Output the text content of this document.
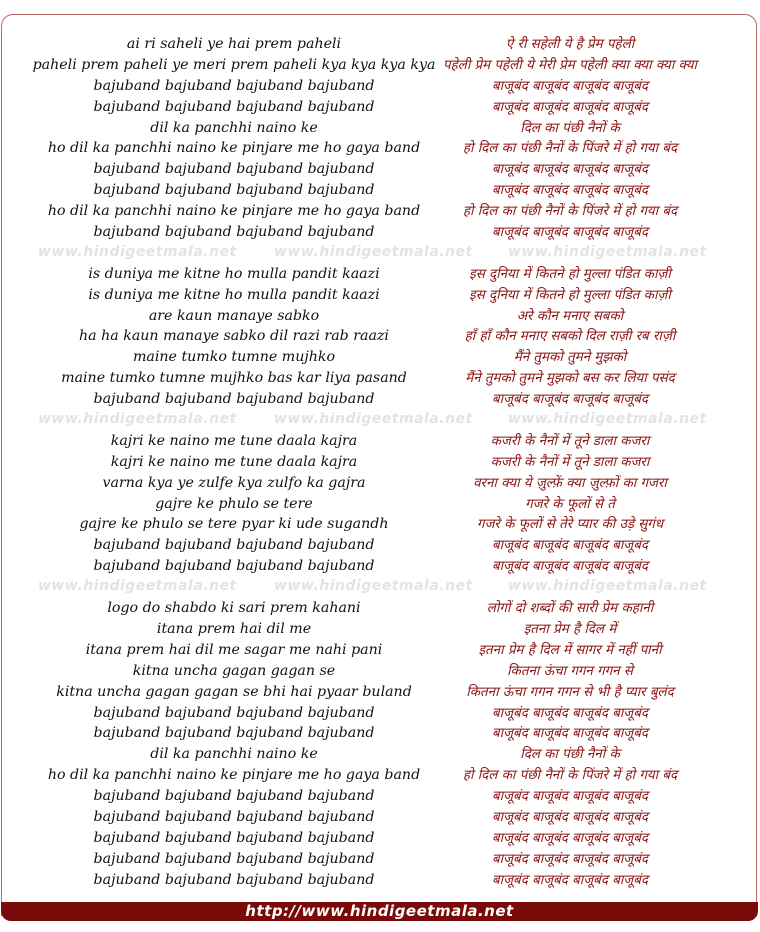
ai ri saheli ye hai prem paheli	ऐ री सहेली ये है प्रेम पहेली
paheli prem paheli ye meri prem paheli kya kya kya kya पहेली प्रेम पहेली ये मेरी प्रेम पहेली क्या क्या क्या क्या
bajuband bajuband bajuband bajuband	बाजूबंद बाजूबंद बाजूबंद बाजूबंद
bajuband bajuband bajuband bajuband	बाजूबंद बाजूबंद बाजूबंद बाजूबंद
dil ka panchhi naino ke	दिल का पंछी नैनों के
ho dil ka panchhi naino ke pinjare me ho gaya band	हो दिल का पंछी नैनों के पिंजरे में हो गया बंद
bajuband bajuband bajuband bajuband	बाजूबंद बाजूबंद बाजूबंद बाजूबंद
bajuband bajuband bajuband bajuband	बाजूबंद बाजूबंद बाजूबंद बाजूबंद
ho dil ka panchhi naino ke pinjare me ho gaya band	हो दिल का पंछी नैनों के पिंजरे में हो गया बंद
bajuband bajuband bajuband bajuband	बाजूबंद बाजूबंद बाजूबंद बाजूबंद
www.hindigeetmala.net	www.hindigeetmala.net	www.hindigeetmala.net
is duniya me kitne ho mulla pandit kaazi	इस दुनिया में कितने हो मुल्ला पंडित काज़ी
is duniya me kitne ho mulla pandit kaazi	इस दुनिया में कितने हो मुल्ला पंडित काज़ी
are kaun manaye sabko	अरे कौन मनाए सबको
ha ha kaun manaye sabko dil razi rab raazi	हाँ हाँ कौन मनाए सबको दिल राज़ी रब राज़ी
maine tumko tumne mujhko	मैंने तुमको तुमने मुझको
maine tumko tumne mujhko bas kar liya pasand	मैंने तुमको तुमने मुझको बस कर लिया पसंद
bajuband bajuband bajuband bajuband	बाजूबंद बाजूबंद बाजूबंद बाजूबंद
www.hindigeetmala.net	www.hindigeetmala.net	www.hindigeetmala.net
kajri ke naino me tune daala kajra	कजरी के नैनों में तूने डाला कजरा
kajri ke naino me tune daala kajra	कजरी के नैनों में तूने डाला कजरा
varna kya ye zulfe kya zulfo ka gajra	वरना क्या ये ज़ुल्फ़ें क्या ज़ुल्फ़ों का गजरा
gajre ke phulo se tere	गजरे के फूलों से ते
gajre ke phulo se tere pyar ki ude sugandh	गजरे के फूलों से तेरे प्यार की उड़े सुगंध
bajuband bajuband bajuband bajuband	बाजूबंद बाजूबंद बाजूबंद बाजूबंद
bajuband bajuband bajuband bajuband	बाजूबंद बाजूबंद बाजूबंद बाजूबंद
www.hindigeetmala.net	www.hindigeetmala.net	www.hindigeetmala.net
logo do shabdo ki sari prem kahani	लोगों दो शब्दों की सारी प्रेम कहानी
itana prem hai dil me	इतना प्रेम है दिल में
itana prem hai dil me sagar me nahi pani	इतना प्रेम है दिल में सागर में नहीं पानी
kitna uncha gagan gagan se	कितना ऊंचा गगन गगन से
kitna uncha gagan gagan se bhi hai pyaar buland	कितना ऊंचा गगन गगन से भी है प्यार बुलंद
bajuband bajuband bajuband bajuband	बाजूबंद बाजूबंद बाजूबंद बाजूबंद
bajuband bajuband bajuband bajuband	बाजूबंद बाजूबंद बाजूबंद बाजूबंद
dil ka panchhi naino ke	दिल का पंछी नैनों के
ho dil ka panchhi naino ke pinjare me ho gaya band	हो दिल का पंछी नैनों के पिंजरे में हो गया बंद
bajuband bajuband bajuband bajuband	बाजूबंद बाजूबंद बाजूबंद बाजूबंद
bajuband bajuband bajuband bajuband	बाजूबंद बाजूबंद बाजूबंद बाजूबंद
bajuband bajuband bajuband bajuband	बाजूबंद बाजूबंद बाजूबंद बाजूबंद
bajuband bajuband bajuband bajuband	बाजूबंद बाजूबंद बाजूबंद बाजूबंद
bajuband bajuband bajuband bajuband	बाजूबंद बाजूबंद बाजूबंद बाजूबंद
http://www.hindigeetmala.net
